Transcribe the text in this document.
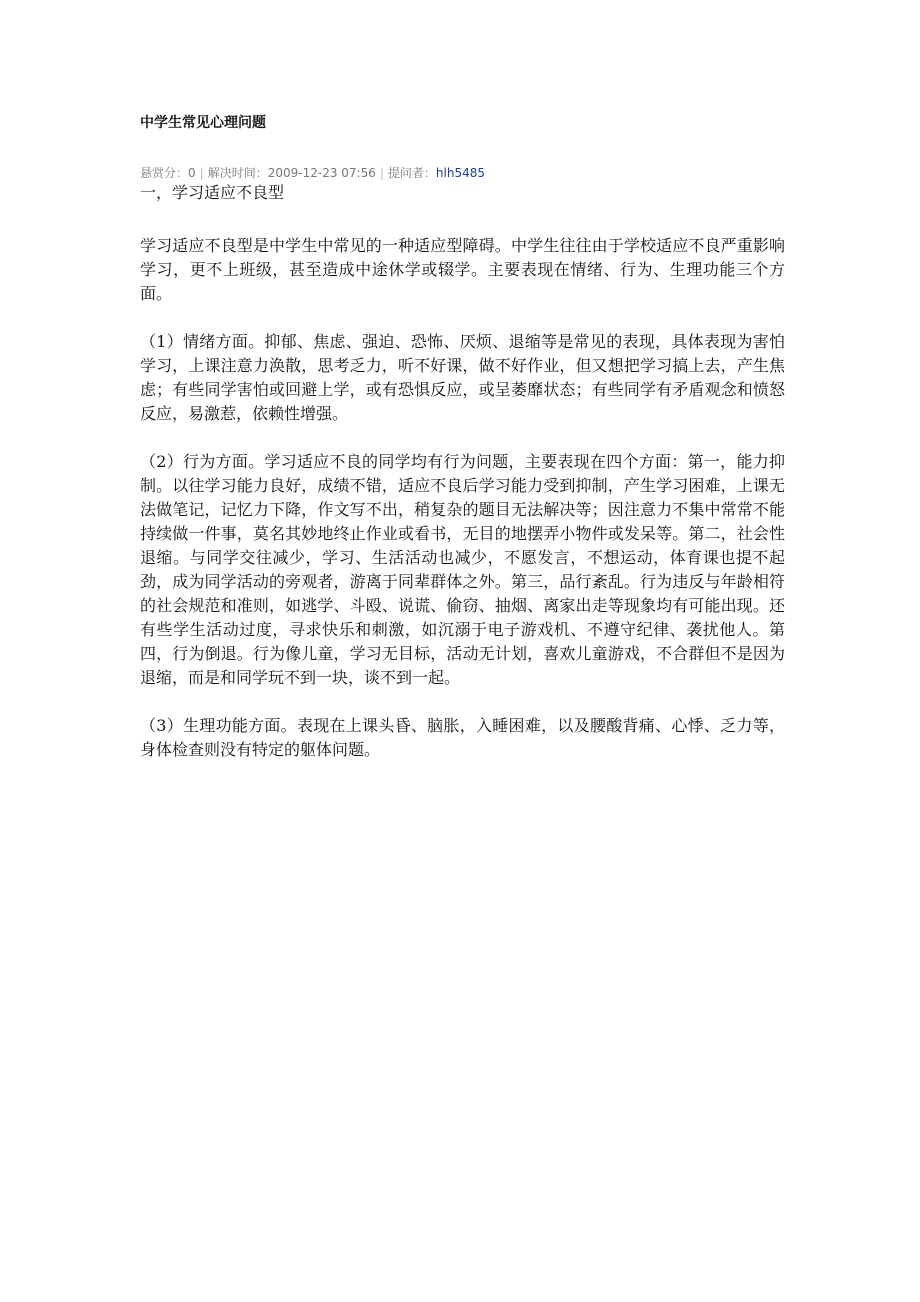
中学生常见心理问题
悬赏分：0 | 解决时间：2009-12-23 07:56 | 提问者：hlh5485
一，学习适应不良型

学习适应不良型是中学生中常见的一种适应型障碍。中学生往往由于学校适应不良严重影响学习，更不上班级，甚至造成中途休学或辍学。主要表现在情绪、行为、生理功能三个方面。

（1）情绪方面。抑郁、焦虑、强迫、恐怖、厌烦、退缩等是常见的表现，具体表现为害怕学习，上课注意力涣散，思考乏力，听不好课，做不好作业，但又想把学习搞上去，产生焦虑；有些同学害怕或回避上学，或有恐惧反应，或呈萎靡状态；有些同学有矛盾观念和愤怒反应，易激惹，依赖性增强。

（2）行为方面。学习适应不良的同学均有行为问题，主要表现在四个方面：第一，能力抑制。以往学习能力良好，成绩不错，适应不良后学习能力受到抑制，产生学习困难，上课无法做笔记，记忆力下降，作文写不出，稍复杂的题目无法解决等；因注意力不集中常常不能持续做一件事，莫名其妙地终止作业或看书，无目的地摆弄小物件或发呆等。第二，社会性退缩。与同学交往减少，学习、生活活动也减少，不愿发言，不想运动，体育课也提不起劲，成为同学活动的旁观者，游离于同辈群体之外。第三，品行紊乱。行为违反与年龄相符的社会规范和准则，如逃学、斗殴、说谎、偷窃、抽烟、离家出走等现象均有可能出现。还有些学生活动过度，寻求快乐和刺激，如沉溺于电子游戏机、不遵守纪律、袭扰他人。第四，行为倒退。行为像儿童，学习无目标，活动无计划，喜欢儿童游戏，不合群但不是因为退缩，而是和同学玩不到一块，谈不到一起。

（3）生理功能方面。表现在上课头昏、脑胀，入睡困难，以及腰酸背痛、心悸、乏力等，身体检查则没有特定的躯体问题。
